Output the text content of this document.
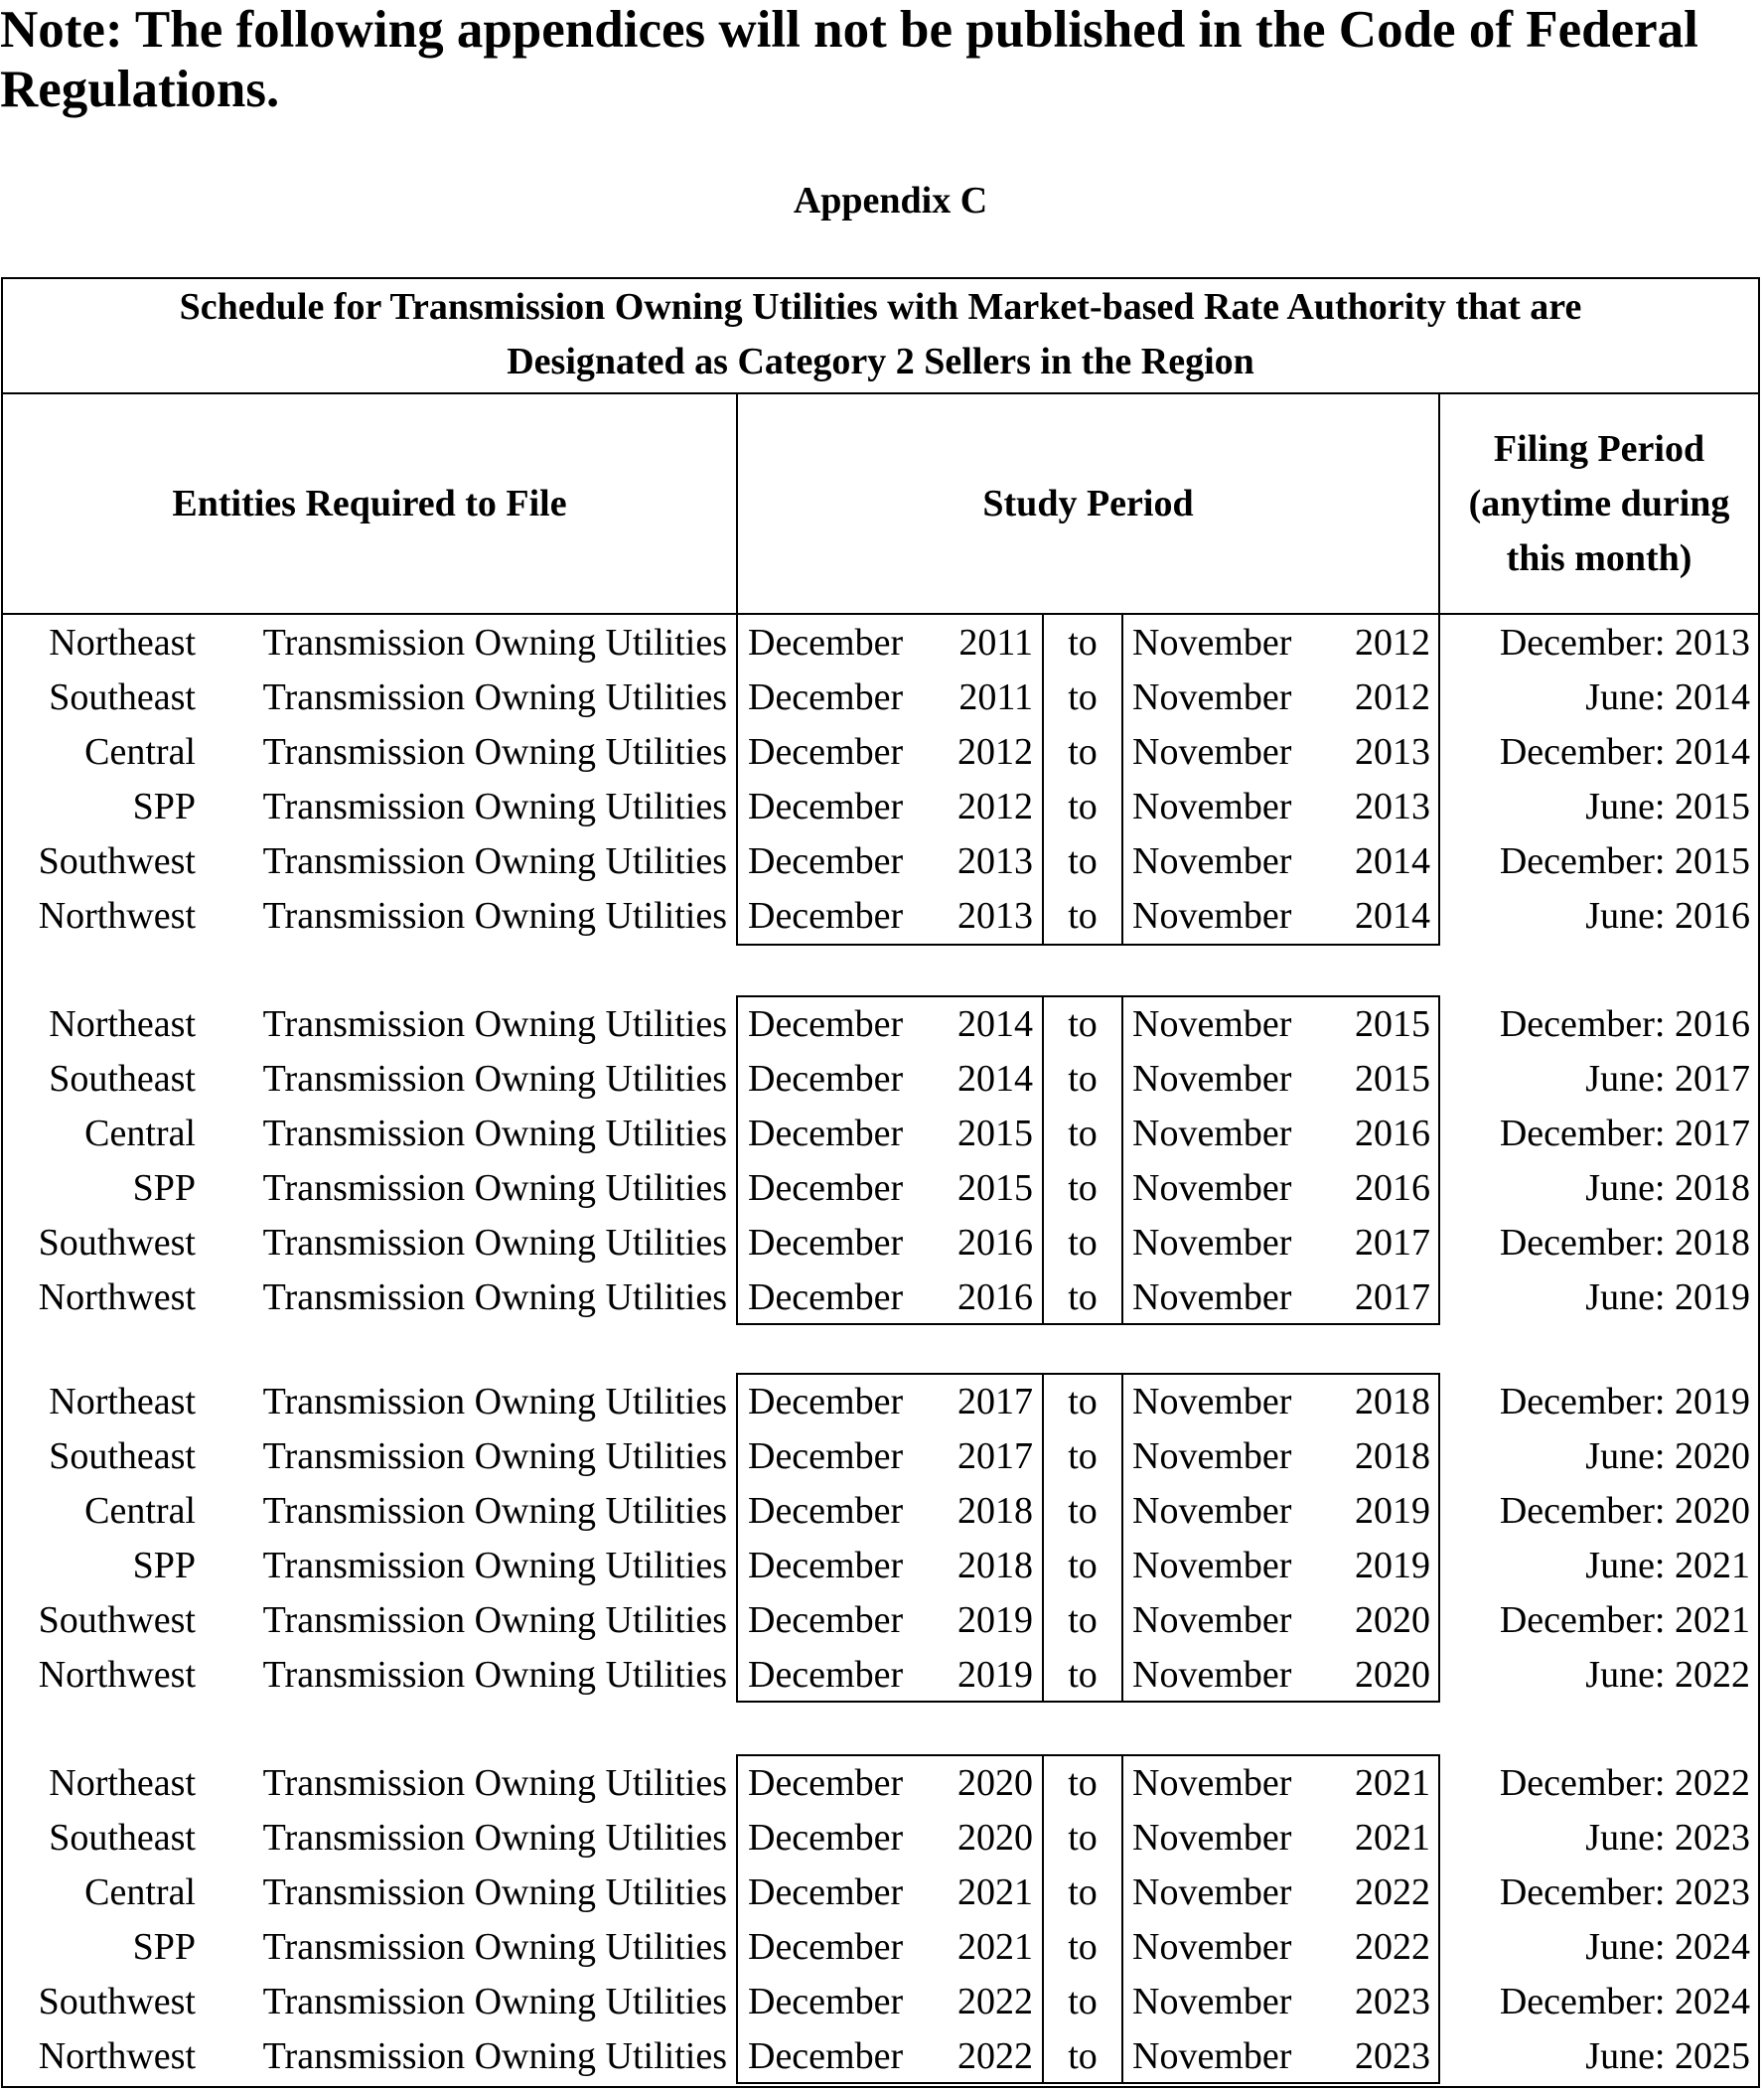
Note: The following appendices will not be published in the Code of Federal Regulations.
Appendix C
Schedule for Transmission Owning Utilities with Market-based Rate Authority that are
Designated as Category 2 Sellers in the Region
Entities Required to File	Study Period
Filing Period
(anytime during
this month)
Northeast	Transmission Owning Utilities December	2011 to November	2012	December: 2013
Southeast	Transmission Owning Utilities December	2011 to November	2012	June: 2014
Central	Transmission Owning Utilities December	2012 to November	2013	December: 2014
SPP	Transmission Owning Utilities December	2012 to November	2013	June: 2015
Southwest	Transmission Owning Utilities December	2013 to November	2014	December: 2015
Northwest	Transmission Owning Utilities December	2013 to November	2014	June: 2016
Northeast	Transmission Owning Utilities December	2014 to November	2015	December: 2016
Southeast	Transmission Owning Utilities December	2014 to November	2015	June: 2017
Central	Transmission Owning Utilities December	2015 to November	2016	December: 2017
SPP	Transmission Owning Utilities December	2015 to November	2016	June: 2018
Southwest	Transmission Owning Utilities December	2016 to November	2017	December: 2018
Northwest	Transmission Owning Utilities December	2016 to November	2017	June: 2019
Northeast	Transmission Owning Utilities December	2017 to November	2018	December: 2019
Southeast	Transmission Owning Utilities December	2017 to November	2018	June: 2020
Central	Transmission Owning Utilities December	2018 to November	2019	December: 2020
SPP	Transmission Owning Utilities December	2018 to November	2019	June: 2021
Southwest	Transmission Owning Utilities December	2019 to November	2020	December: 2021
Northwest	Transmission Owning Utilities December	2019 to November	2020	June: 2022
Northeast	Transmission Owning Utilities December	2020 to November	2021	December: 2022
Southeast	Transmission Owning Utilities December	2020 to November	2021	June: 2023
Central	Transmission Owning Utilities December	2021 to November	2022	December: 2023
SPP	Transmission Owning Utilities December	2021 to November	2022	June: 2024
Southwest	Transmission Owning Utilities December	2022 to November	2023	December: 2024
Northwest	Transmission Owning Utilities December	2022 to November	2023	June: 2025
